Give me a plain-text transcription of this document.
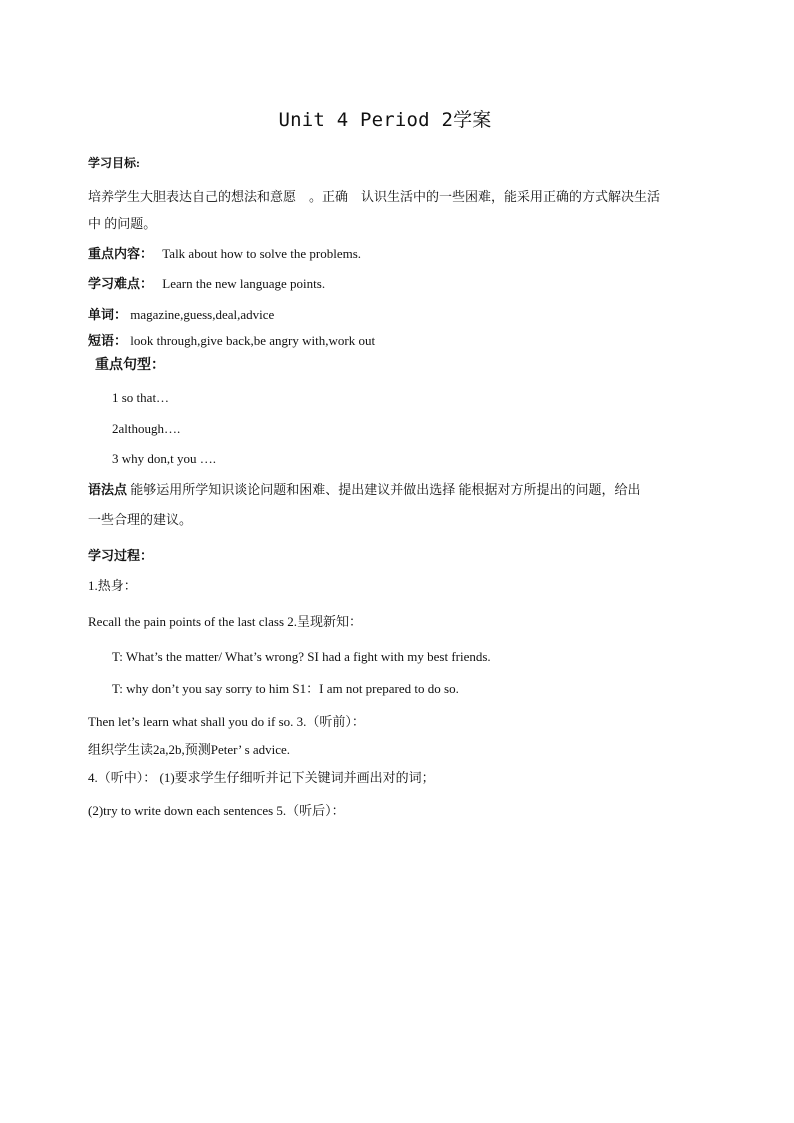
Unit 4 Period 2学案
学习目标:
培养学生大胆表达自己的想法和意愿　。正确　认识生活中的一些困难，能采用正确的方式解决生活
中 的问题。
重点内容： Talk about how to solve the problems.
学习难点： Learn the new language points.
单词： magazine,guess,deal,advice
短语： look through,give back,be angry with,work out
重点句型：
1 so that…
2although….
3 why don,t you ….
语法点 能够运用所学知识谈论问题和困难、提出建议并做出选择 能根据对方所提出的问题，给出
一些合理的建议。
学习过程：
1.热身：
Recall the pain points of the last class 2.呈现新知：
T: What’s the matter/ What’s wrong? SI had a fight with my best friends.
T: why don’t you say sorry to him S1：I am not prepared to do so.
Then let’s learn what shall you do if so. 3.（听前）：
组织学生读2a,2b,预测Peter’ s advice.
4.（听中）： (1)要求学生仔细听并记下关键词并画出对的词；
(2)try to write down each sentences 5.（听后）：
